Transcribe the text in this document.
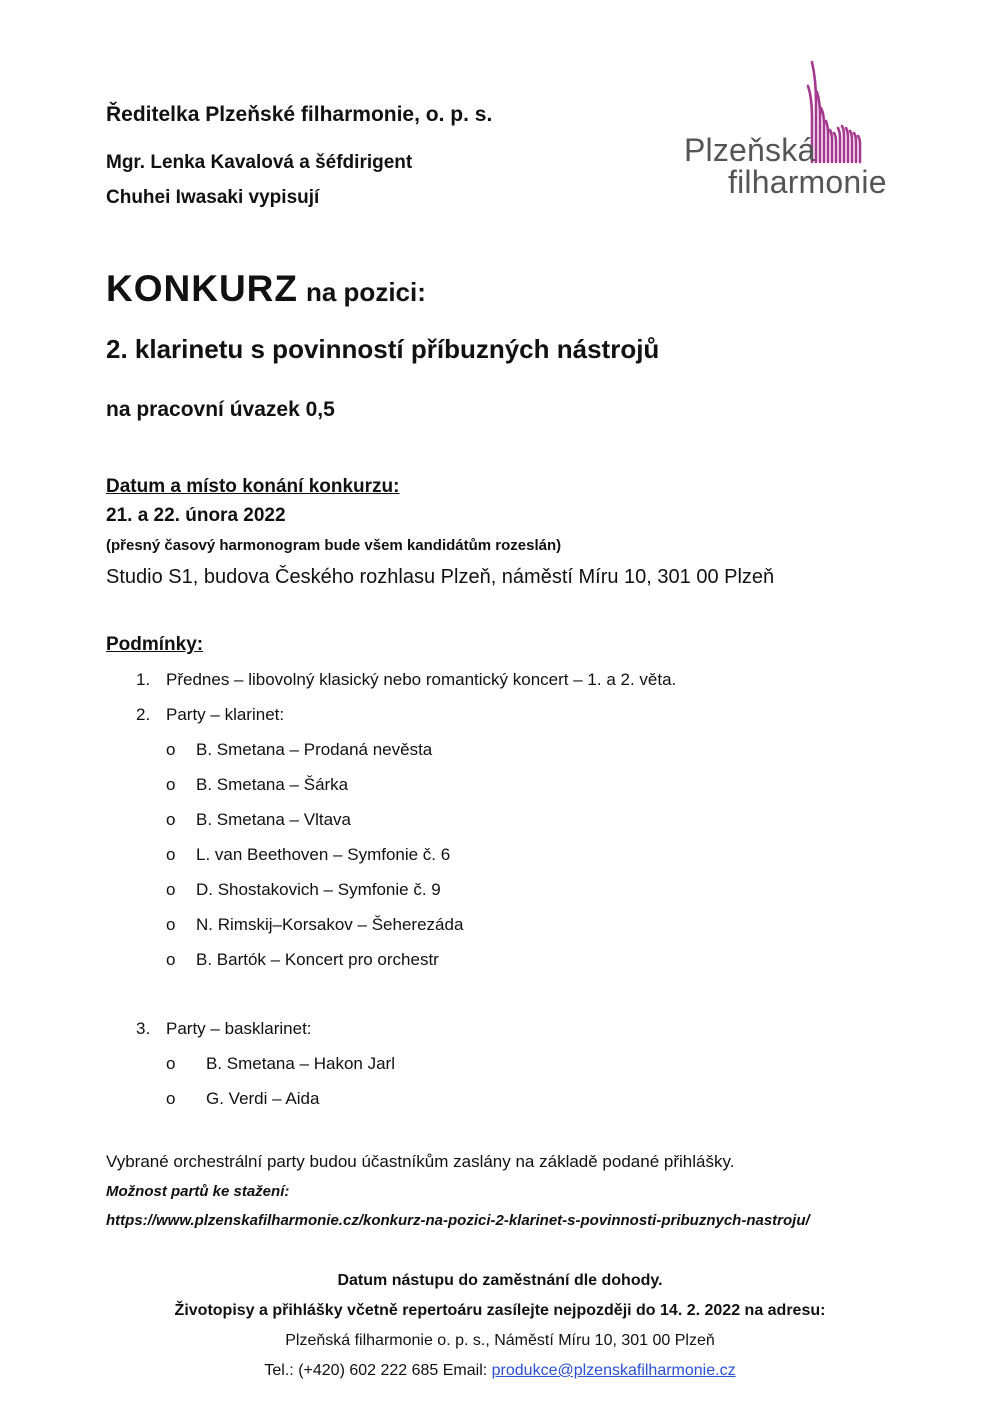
Ředitelka Plzeňské filharmonie, o. p. s.
Mgr. Lenka Kavalová a šéfdirigent
Chuhei Iwasaki vypisují
Plzeňská
filharmonie
KONKURZ na pozici:
2. klarinetu s povinností příbuzných nástrojů
na pracovní úvazek 0,5
Datum a místo konání konkurzu:
21. a 22. února 2022
(přesný časový harmonogram bude všem kandidátům rozeslán)
Studio S1, budova Českého rozhlasu Plzeň, náměstí Míru 10, 301 00 Plzeň
Podmínky:
1. Přednes – libovolný klasický nebo romantický koncert – 1. a 2. věta.
2. Party – klarinet:
o B. Smetana – Prodaná nevěsta
o B. Smetana – Šárka
o B. Smetana – Vltava
o L. van Beethoven – Symfonie č. 6
o D. Shostakovich – Symfonie č. 9
o N. Rimskij–Korsakov – Šeherezáda
o B. Bartók – Koncert pro orchestr
3. Party – basklarinet:
o B. Smetana – Hakon Jarl
o G. Verdi – Aida
Vybrané orchestrální party budou účastníkům zaslány na základě podané přihlášky.
Možnost partů ke stažení:
https://www.plzenskafilharmonie.cz/konkurz-na-pozici-2-klarinet-s-povinnosti-pribuznych-nastroju/
Datum nástupu do zaměstnání dle dohody.
Životopisy a přihlášky včetně repertoáru zasílejte nejpozději do 14. 2. 2022 na adresu:
Plzeňská filharmonie o. p. s., Náměstí Míru 10, 301 00 Plzeň
Tel.: (+420) 602 222 685 Email: produkce@plzenskafilharmonie.cz
